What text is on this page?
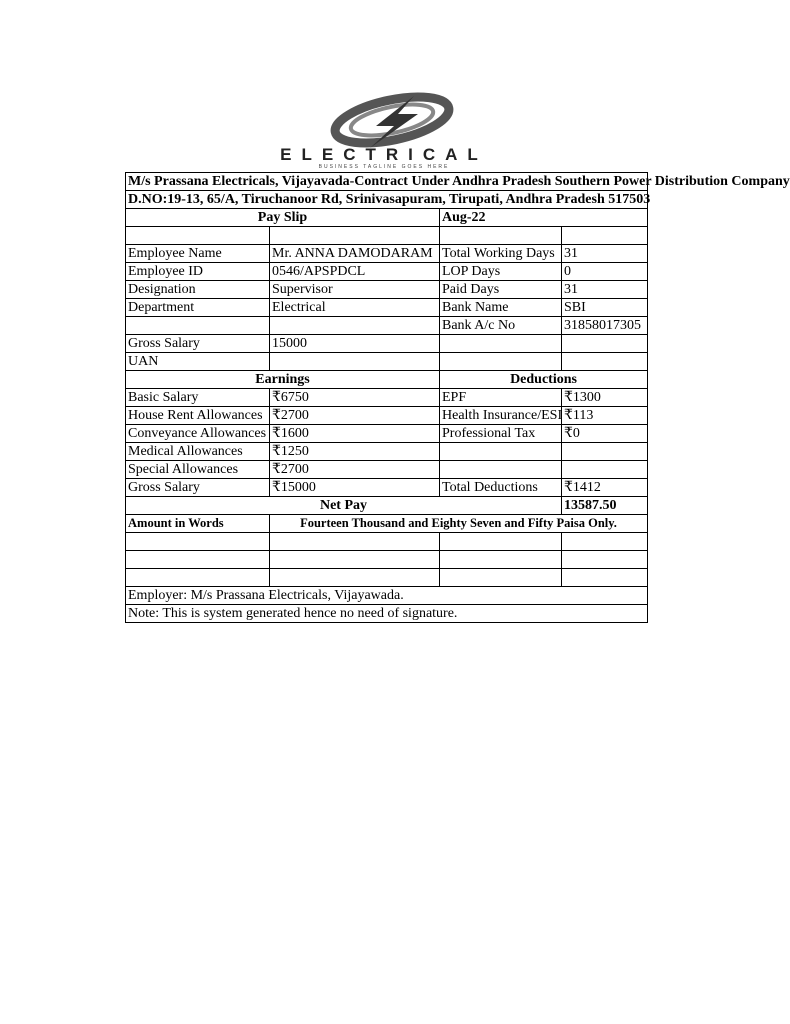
ELECTRICAL
BUSINESS TAGLINE GOES HERE
M/s Prassana Electricals, Vijayavada-Contract Under Andhra Pradesh Southern Power Distribution Company			
D.NO:19-13, 65/A, Tiruchanoor Rd, Srinivasapuram, Tirupati, Andhra Pradesh 517503			
Pay Slip		Aug-22	

Employee Name	Mr. ANNA DAMODARAM	Total Working Days	31
Employee ID	0546/APSPDCL	LOP Days	0
Designation	Supervisor	Paid Days	31
Department	Electrical	Bank Name	SBI
		Bank A/c No	31858017305
Gross Salary	15000		
UAN			
Earnings		Deductions	
Basic Salary	₹6750	EPF	₹1300
House Rent Allowances	₹2700	Health Insurance/ESI	₹113
Conveyance Allowances	₹1600	Professional Tax	₹0
Medical Allowances	₹1250		
Special Allowances	₹2700		
Gross Salary	₹15000	Total Deductions	₹1412
Net Pay			13587.50
Amount in Words	Fourteen Thousand and Eighty Seven and Fifty Paisa Only.		

Employer: M/s Prassana Electricals, Vijayawada.			
Note: This is system generated hence no need of signature.			
